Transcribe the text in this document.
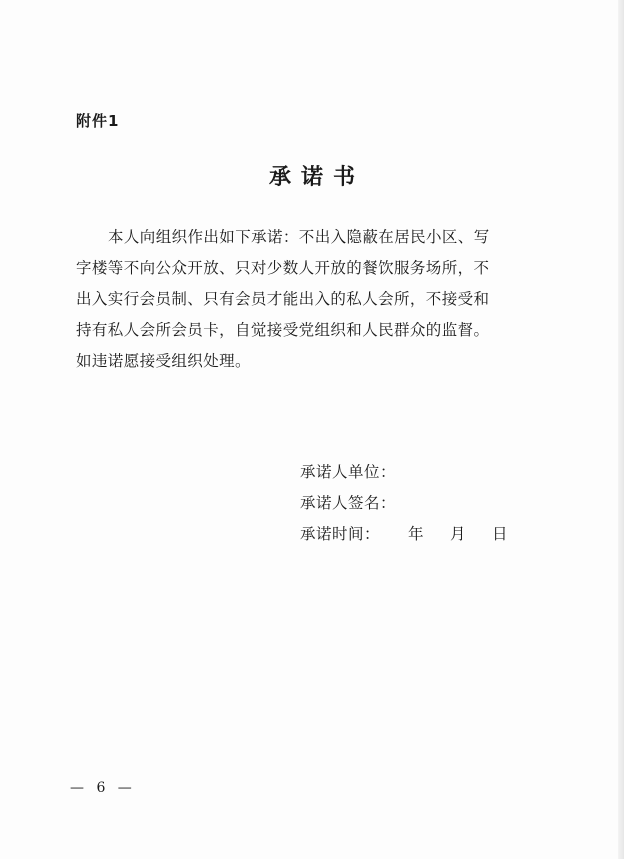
附件1
承诺书
本人向组织作出如下承诺：不出入隐蔽在居民小区、写
字楼等不向公众开放、只对少数人开放的餐饮服务场所，不
出入实行会员制、只有会员才能出入的私人会所，不接受和
持有私人会所会员卡，自觉接受党组织和人民群众的监督。
如违诺愿接受组织处理。
承诺人单位：
承诺人签名：
承诺时间： 年 月 日
— 6 —
